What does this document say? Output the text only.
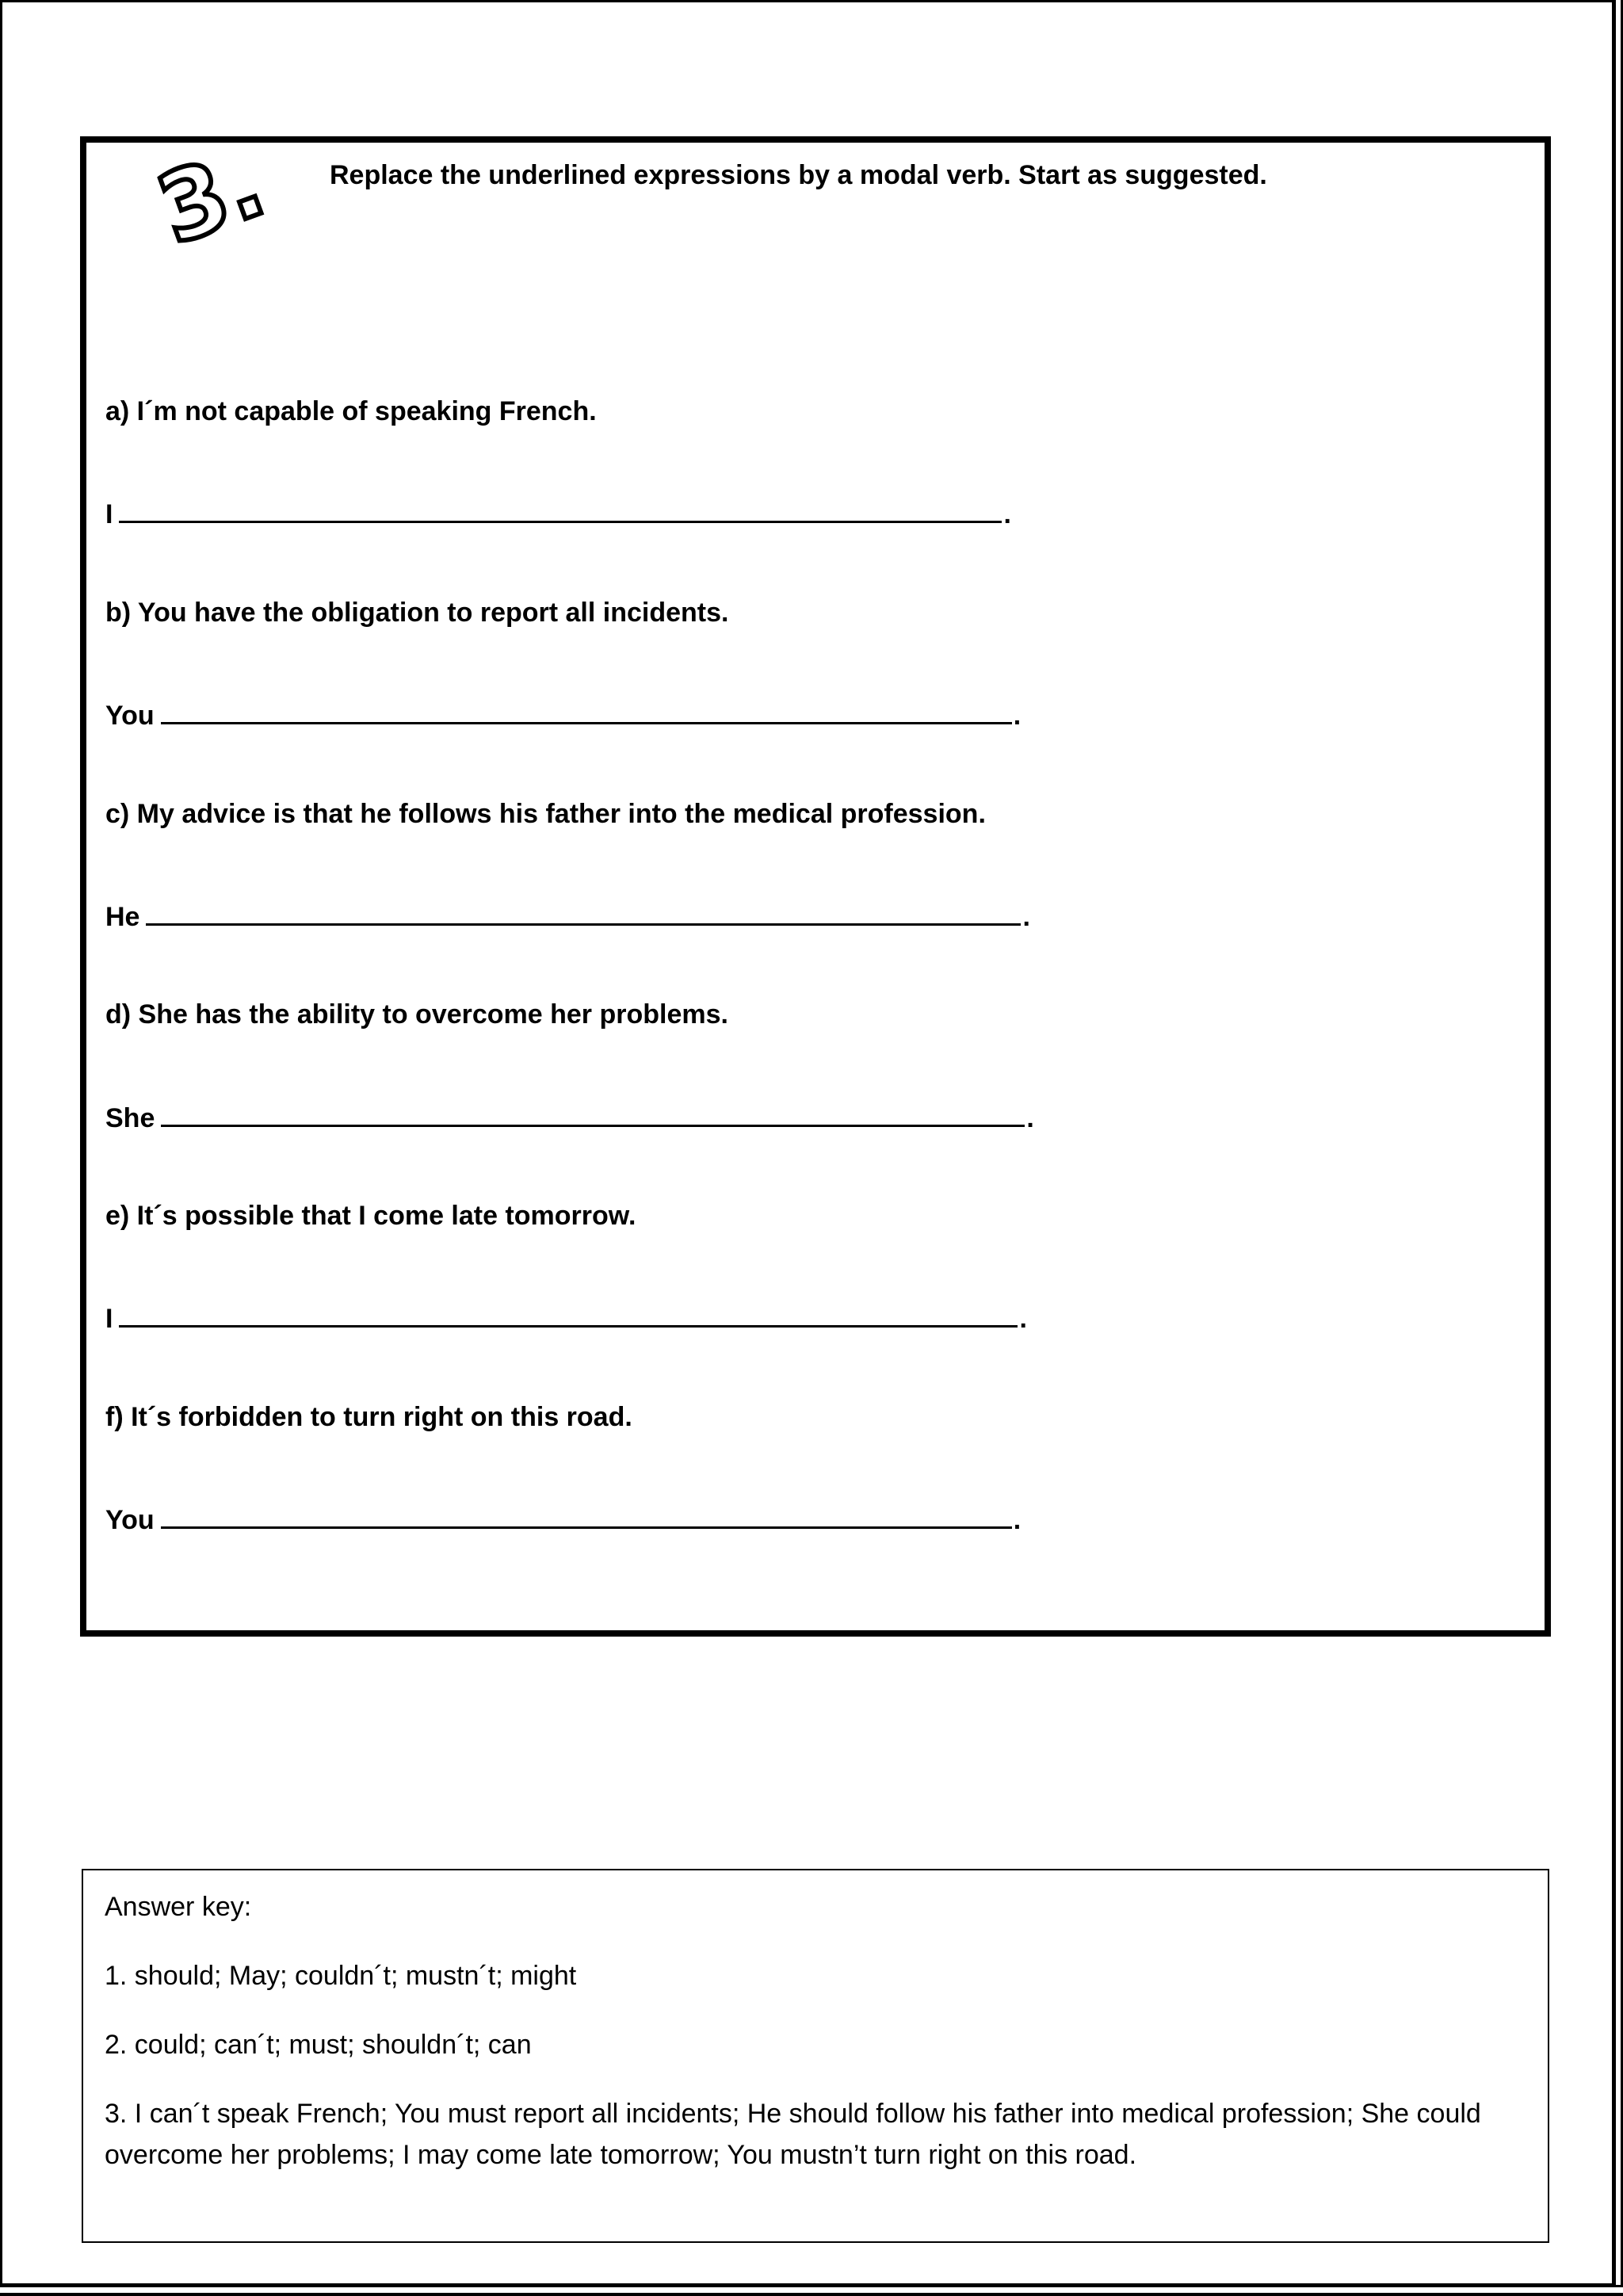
3. Replace the underlined expressions by a modal verb. Start as suggested.
a) I´m not capable of speaking French.
I	.
b) You have the obligation to report all incidents.
You	.
c) My advice is that he follows his father into the medical profession.
He	.
d) She has the ability to overcome her problems.
She	.
e) It´s possible that I come late tomorrow.
I	.
f) It´s forbidden to turn right on this road.
You	.
Answer key:
1. should; May; couldn´t; mustn´t; might
2. could; can´t; must; shouldn´t; can
3. I can´t speak French; You must report all incidents; He should follow his father into medical profession; She could overcome her problems; I may come late tomorrow; You mustn’t turn right on this road.
